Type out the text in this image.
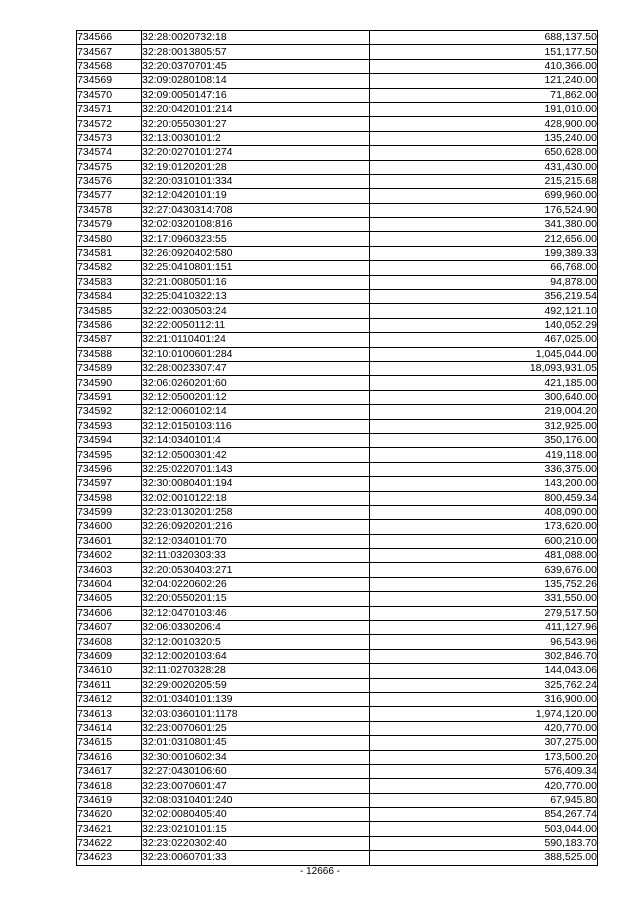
734566	32:28:0020732:18	688,137.50
734567	32:28:0013805:57	151,177.50
734568	32:20:0370701:45	410,366.00
734569	32:09:0280108:14	121,240.00
734570	32:09:0050147:16	71,862.00
734571	32:20:0420101:214	191,010.00
734572	32:20:0550301:27	428,900.00
734573	32:13:0030101:2	135,240.00
734574	32:20:0270101:274	650,628.00
734575	32:19:0120201:28	431,430.00
734576	32:20:0310101:334	215,215.68
734577	32:12:0420101:19	699,960.00
734578	32:27:0430314:708	176,524.90
734579	32:02:0320108:816	341,380.00
734580	32:17:0960323:55	212,656.00
734581	32:26:0920402:580	199,389.33
734582	32:25:0410801:151	66,768.00
734583	32:21:0080501:16	94,878.00
734584	32:25:0410322:13	356,219.54
734585	32:22:0030503:24	492,121.10
734586	32:22:0050112:11	140,052.29
734587	32:21:0110401:24	467,025.00
734588	32:10:0100601:284	1,045,044.00
734589	32:28:0023307:47	18,093,931.05
734590	32:06:0260201:60	421,185.00
734591	32:12:0500201:12	300,640.00
734592	32:12:0060102:14	219,004.20
734593	32:12:0150103:116	312,925.00
734594	32:14:0340101:4	350,176.00
734595	32:12:0500301:42	419,118.00
734596	32:25:0220701:143	336,375.00
734597	32:30:0080401:194	143,200.00
734598	32:02:0010122:18	800,459.34
734599	32:23:0130201:258	408,090.00
734600	32:26:0920201:216	173,620.00
734601	32:12:0340101:70	600,210.00
734602	32:11:0320303:33	481,088.00
734603	32:20:0530403:271	639,676.00
734604	32:04:0220602:26	135,752.26
734605	32:20:0550201:15	331,550.00
734606	32:12:0470103:46	279,517.50
734607	32:06:0330206:4	411,127.96
734608	32:12:0010320:5	96,543.96
734609	32:12:0020103:64	302,846.70
734610	32:11:0270328:28	144,043.06
734611	32:29:0020205:59	325,762.24
734612	32:01:0340101:139	316,900.00
734613	32:03:0360101:1178	1,974,120.00
734614	32:23:0070601:25	420,770.00
734615	32:01:0310801:45	307,275.00
734616	32:30:0010602:34	173,500.20
734617	32:27:0430106:60	576,409.34
734618	32:23:0070601:47	420,770.00
734619	32:08:0310401:240	67,945.80
734620	32:02:0080405:40	854,267.74
734621	32:23:0210101:15	503,044.00
734622	32:23:0220302:40	590,183.70
734623	32:23:0060701:33	388,525.00
- 12666 -
